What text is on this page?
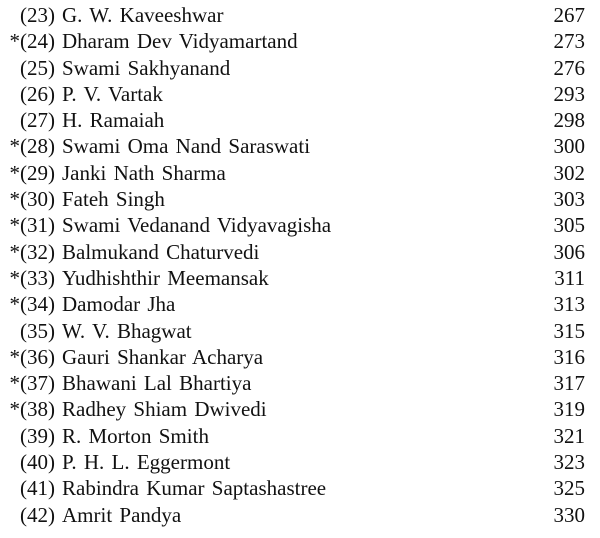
(23) G. W. Kaveeshwar	267
* (24) Dharam Dev Vidyamartand	273
(25) Swami Sakhyanand	276
(26) P. V. Vartak	293
(27) H. Ramaiah	298
* (28) Swami Oma Nand Saraswati	300
* (29) Janki Nath Sharma	302
* (30) Fateh Singh	303
* (31) Swami Vedanand Vidyavagisha	305
* (32) Balmukand Chaturvedi	306
* (33) Yudhishthir Meemansak	311
* (34) Damodar Jha	313
(35) W. V. Bhagwat	315
* (36) Gauri Shankar Acharya	316
* (37) Bhawani Lal Bhartiya	317
* (38) Radhey Shiam Dwivedi	319
(39) R. Morton Smith	321
(40) P. H. L. Eggermont	323
(41) Rabindra Kumar Saptashastree	325
(42) Amrit Pandya	330
